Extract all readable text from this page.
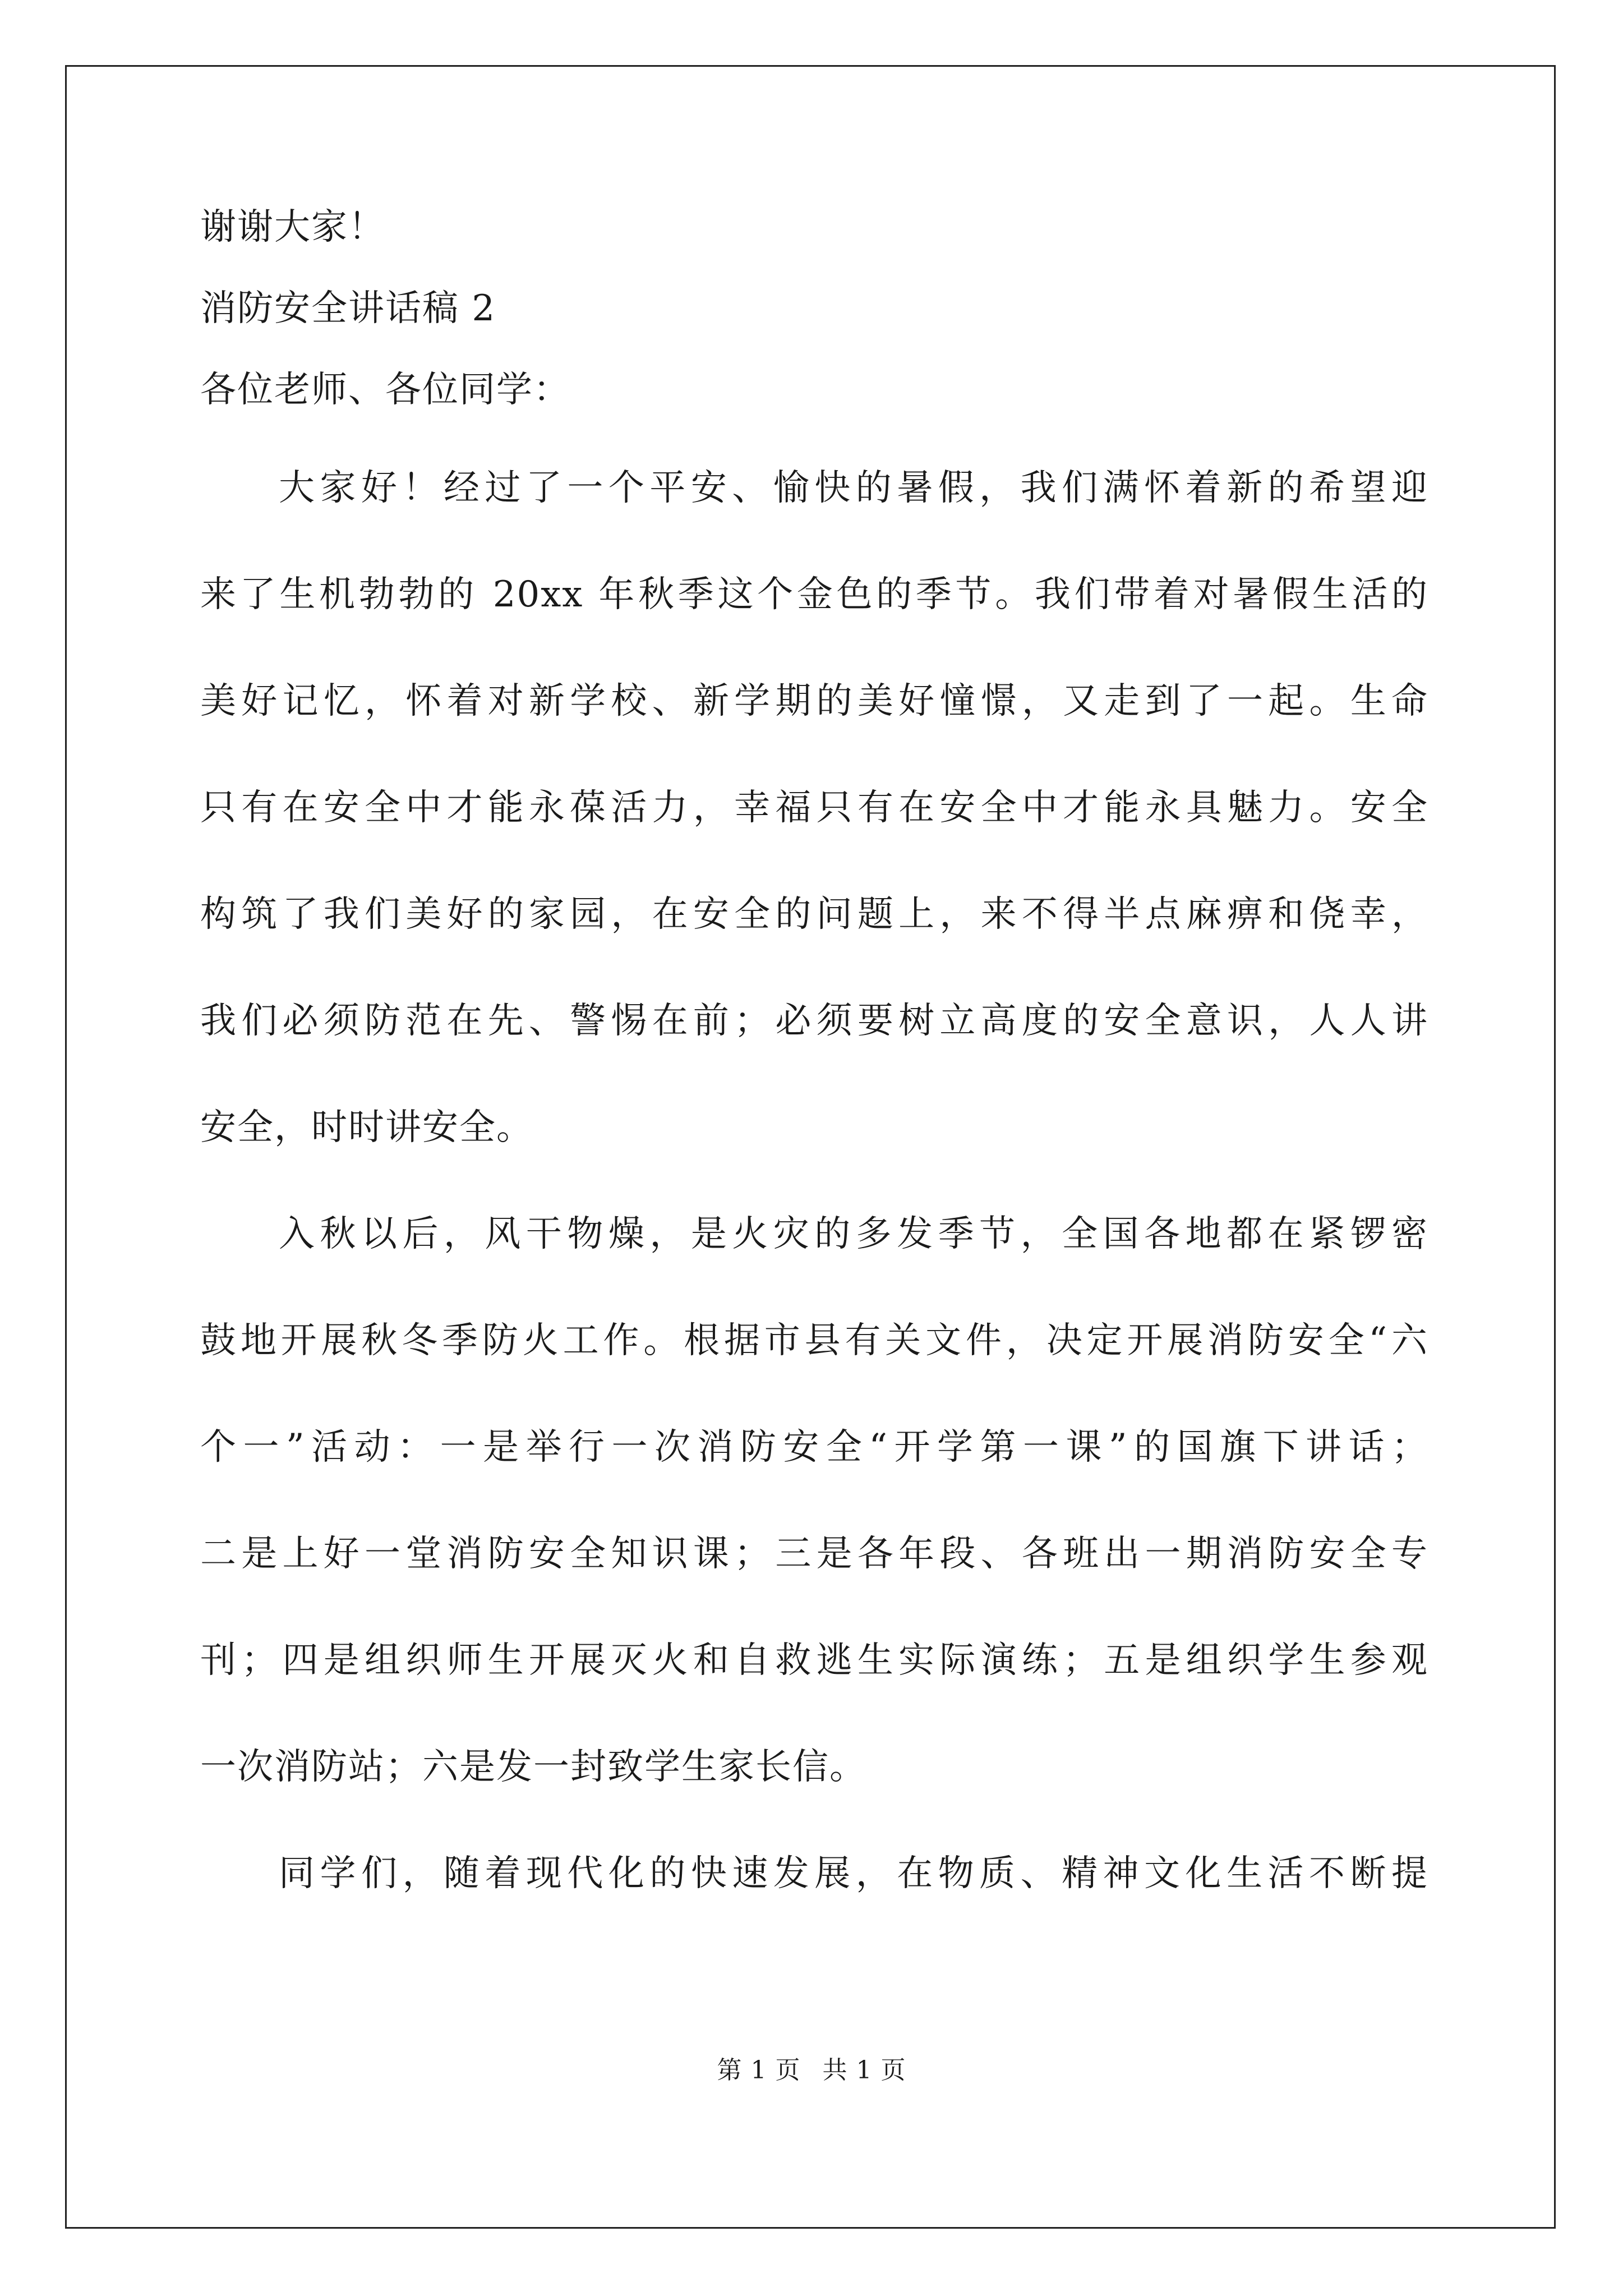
谢谢大家！
消防安全讲话稿 2
各位老师、各位同学：
大家好！经过了一个平安、愉快的暑假，我们满怀着新的希望迎
来了生机勃勃的 20xx 年秋季这个金色的季节。我们带着对暑假生活的
美好记忆，怀着对新学校、新学期的美好憧憬，又走到了一起。生命
只有在安全中才能永葆活力，幸福只有在安全中才能永具魅力。安全
构筑了我们美好的家园，在安全的问题上，来不得半点麻痹和侥幸，
我们必须防范在先、警惕在前；必须要树立高度的安全意识，人人讲
安全，时时讲安全。
入秋以后，风干物燥，是火灾的多发季节，全国各地都在紧锣密
鼓地开展秋冬季防火工作。根据市县有关文件，决定开展消防安全“六
个一”活动：一是举行一次消防安全“开学第一课”的国旗下讲话；
二是上好一堂消防安全知识课；三是各年段、各班出一期消防安全专
刊；四是组织师生开展灭火和自救逃生实际演练；五是组织学生参观
一次消防站；六是发一封致学生家长信。
同学们，随着现代化的快速发展，在物质、精神文化生活不断提
第 1 页 共 1 页
